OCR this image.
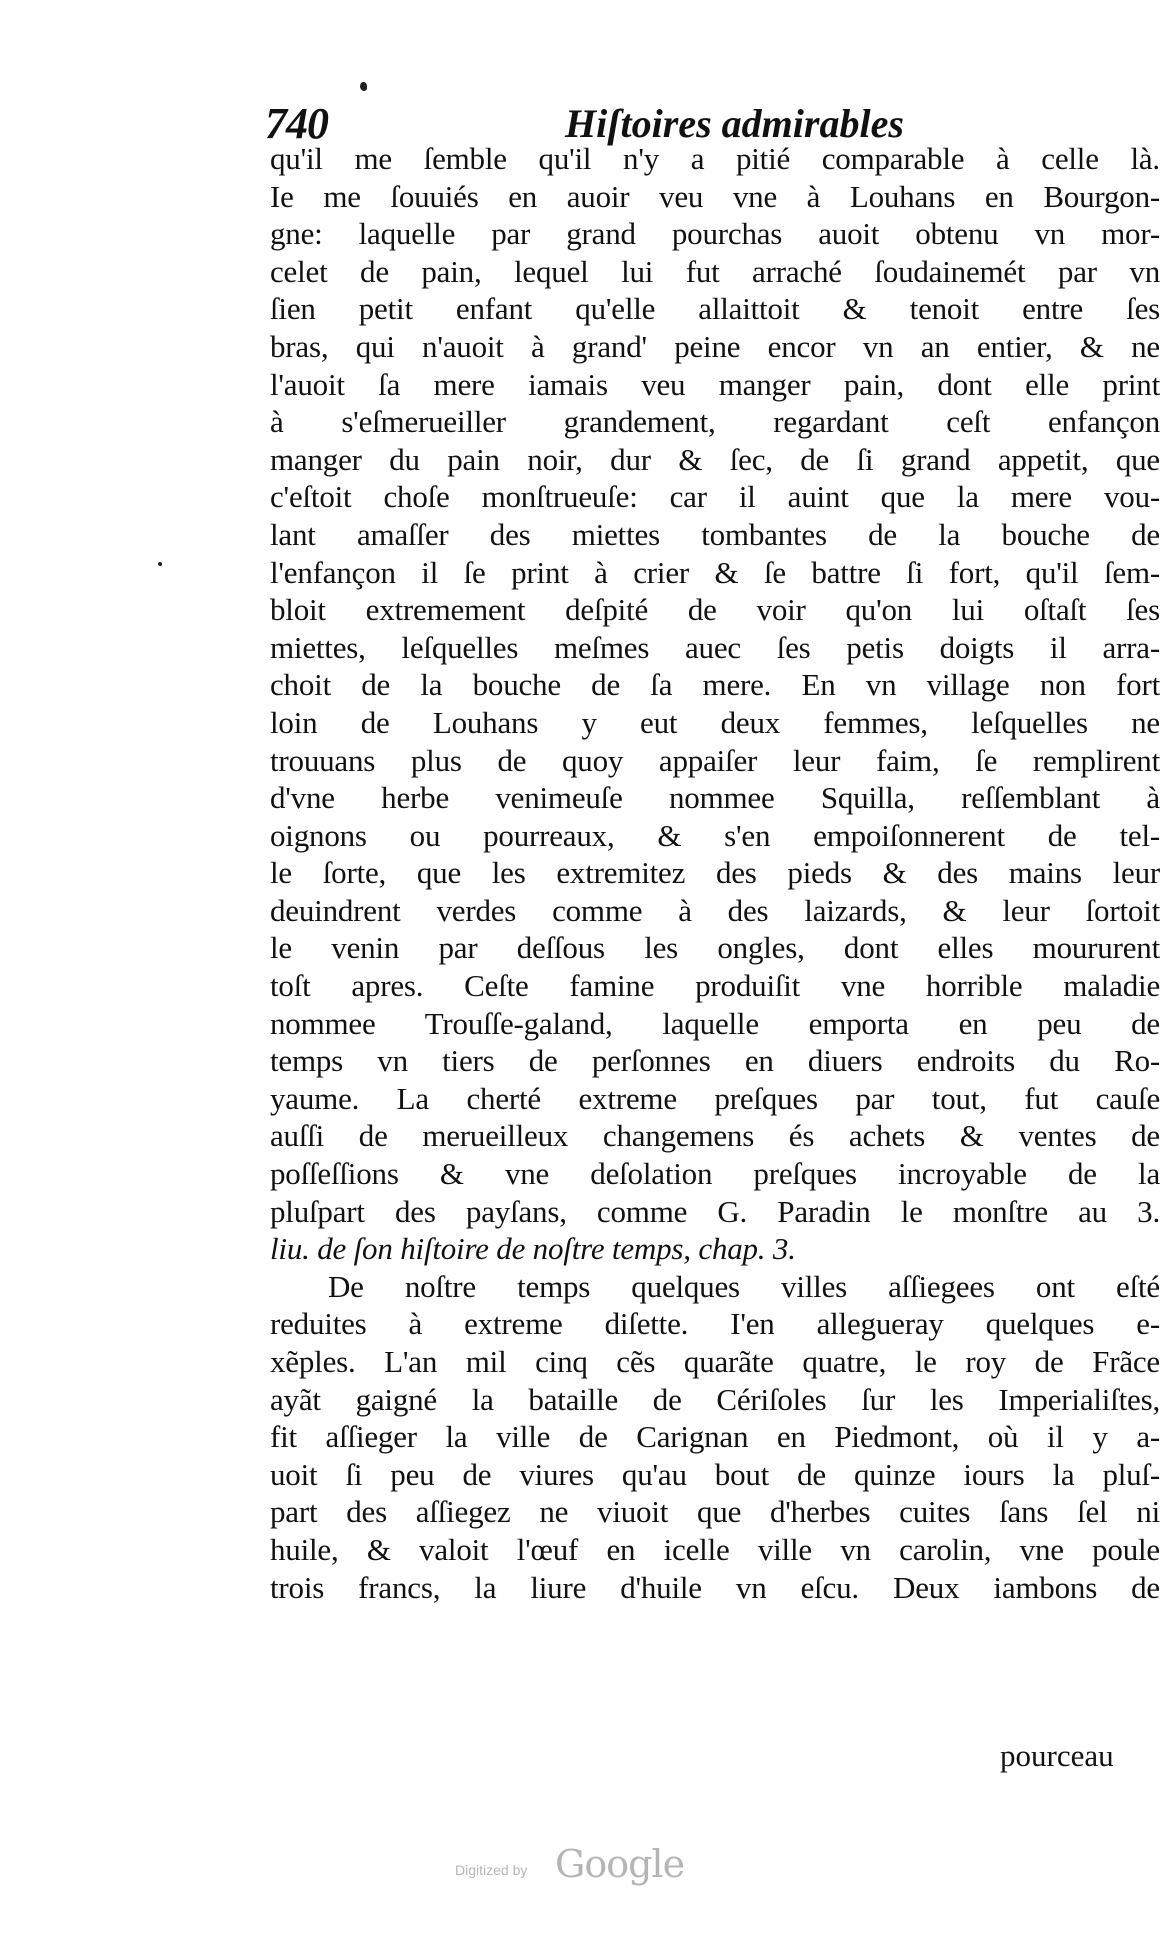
740	Hiſtoires admirables
qu'il me ſemble qu'il n'y a pitié comparable à celle là.
Ie me ſouuiés en auoir veu vne à Louhans en Bourgon-
gne: laquelle par grand pourchas auoit obtenu vn mor-
celet de pain, lequel lui fut arraché ſoudainemét par vn
ſien petit enfant qu'elle allaittoit & tenoit entre ſes
bras, qui n'auoit à grand' peine encor vn an entier, & ne
l'auoit ſa mere iamais veu manger pain, dont elle print
à s'eſmerueiller grandement, regardant ceſt enfançon
manger du pain noir, dur & ſec, de ſi grand appetit, que
c'eſtoit choſe monſtrueuſe: car il auint que la mere vou-
lant amaſſer des miettes tombantes de la bouche de
l'enfançon il ſe print à crier & ſe battre ſi fort, qu'il ſem-
bloit extremement deſpité de voir qu'on lui oſtaſt ſes
miettes, leſquelles meſmes auec ſes petis doigts il arra-
choit de la bouche de ſa mere. En vn village non fort
loin de Louhans y eut deux femmes, leſquelles ne
trouuans plus de quoy appaiſer leur faim, ſe remplirent
d'vne herbe venimeuſe nommee Squilla, reſſemblant à
oignons ou pourreaux, & s'en empoiſonnerent de tel-
le ſorte, que les extremitez des pieds & des mains leur
deuindrent verdes comme à des laizards, & leur ſortoit
le venin par deſſous les ongles, dont elles moururent
toſt apres. Ceſte famine produiſit vne horrible maladie
nommee Trouſſe-galand, laquelle emporta en peu de
temps vn tiers de perſonnes en diuers endroits du Ro-
yaume. La cherté extreme preſques par tout, fut cauſe
auſſi de merueilleux changemens és achets & ventes de
poſſeſſions & vne deſolation preſques incroyable de la
pluſpart des payſans, comme G. Paradin le monſtre au 3.
liu. de ſon hiſtoire de noſtre temps, chap. 3.
De noſtre temps quelques villes aſſiegees ont eſté
reduites à extreme diſette. I'en allegueray quelques e-
xẽples. L'an mil cinq cẽs quarãte quatre, le roy de Frãce
ayãt gaigné la bataille de Cériſoles ſur les Imperialiſtes,
fit aſſieger la ville de Carignan en Piedmont, où il y a-
uoit ſi peu de viures qu'au bout de quinze iours la pluſ-
part des aſſiegez ne viuoit que d'herbes cuites ſans ſel ni
huile, & valoit l'œuf en icelle ville vn carolin, vne poule
trois francs, la liure d'huile vn eſcu. Deux iambons de
pourceau
Digitized by Google
